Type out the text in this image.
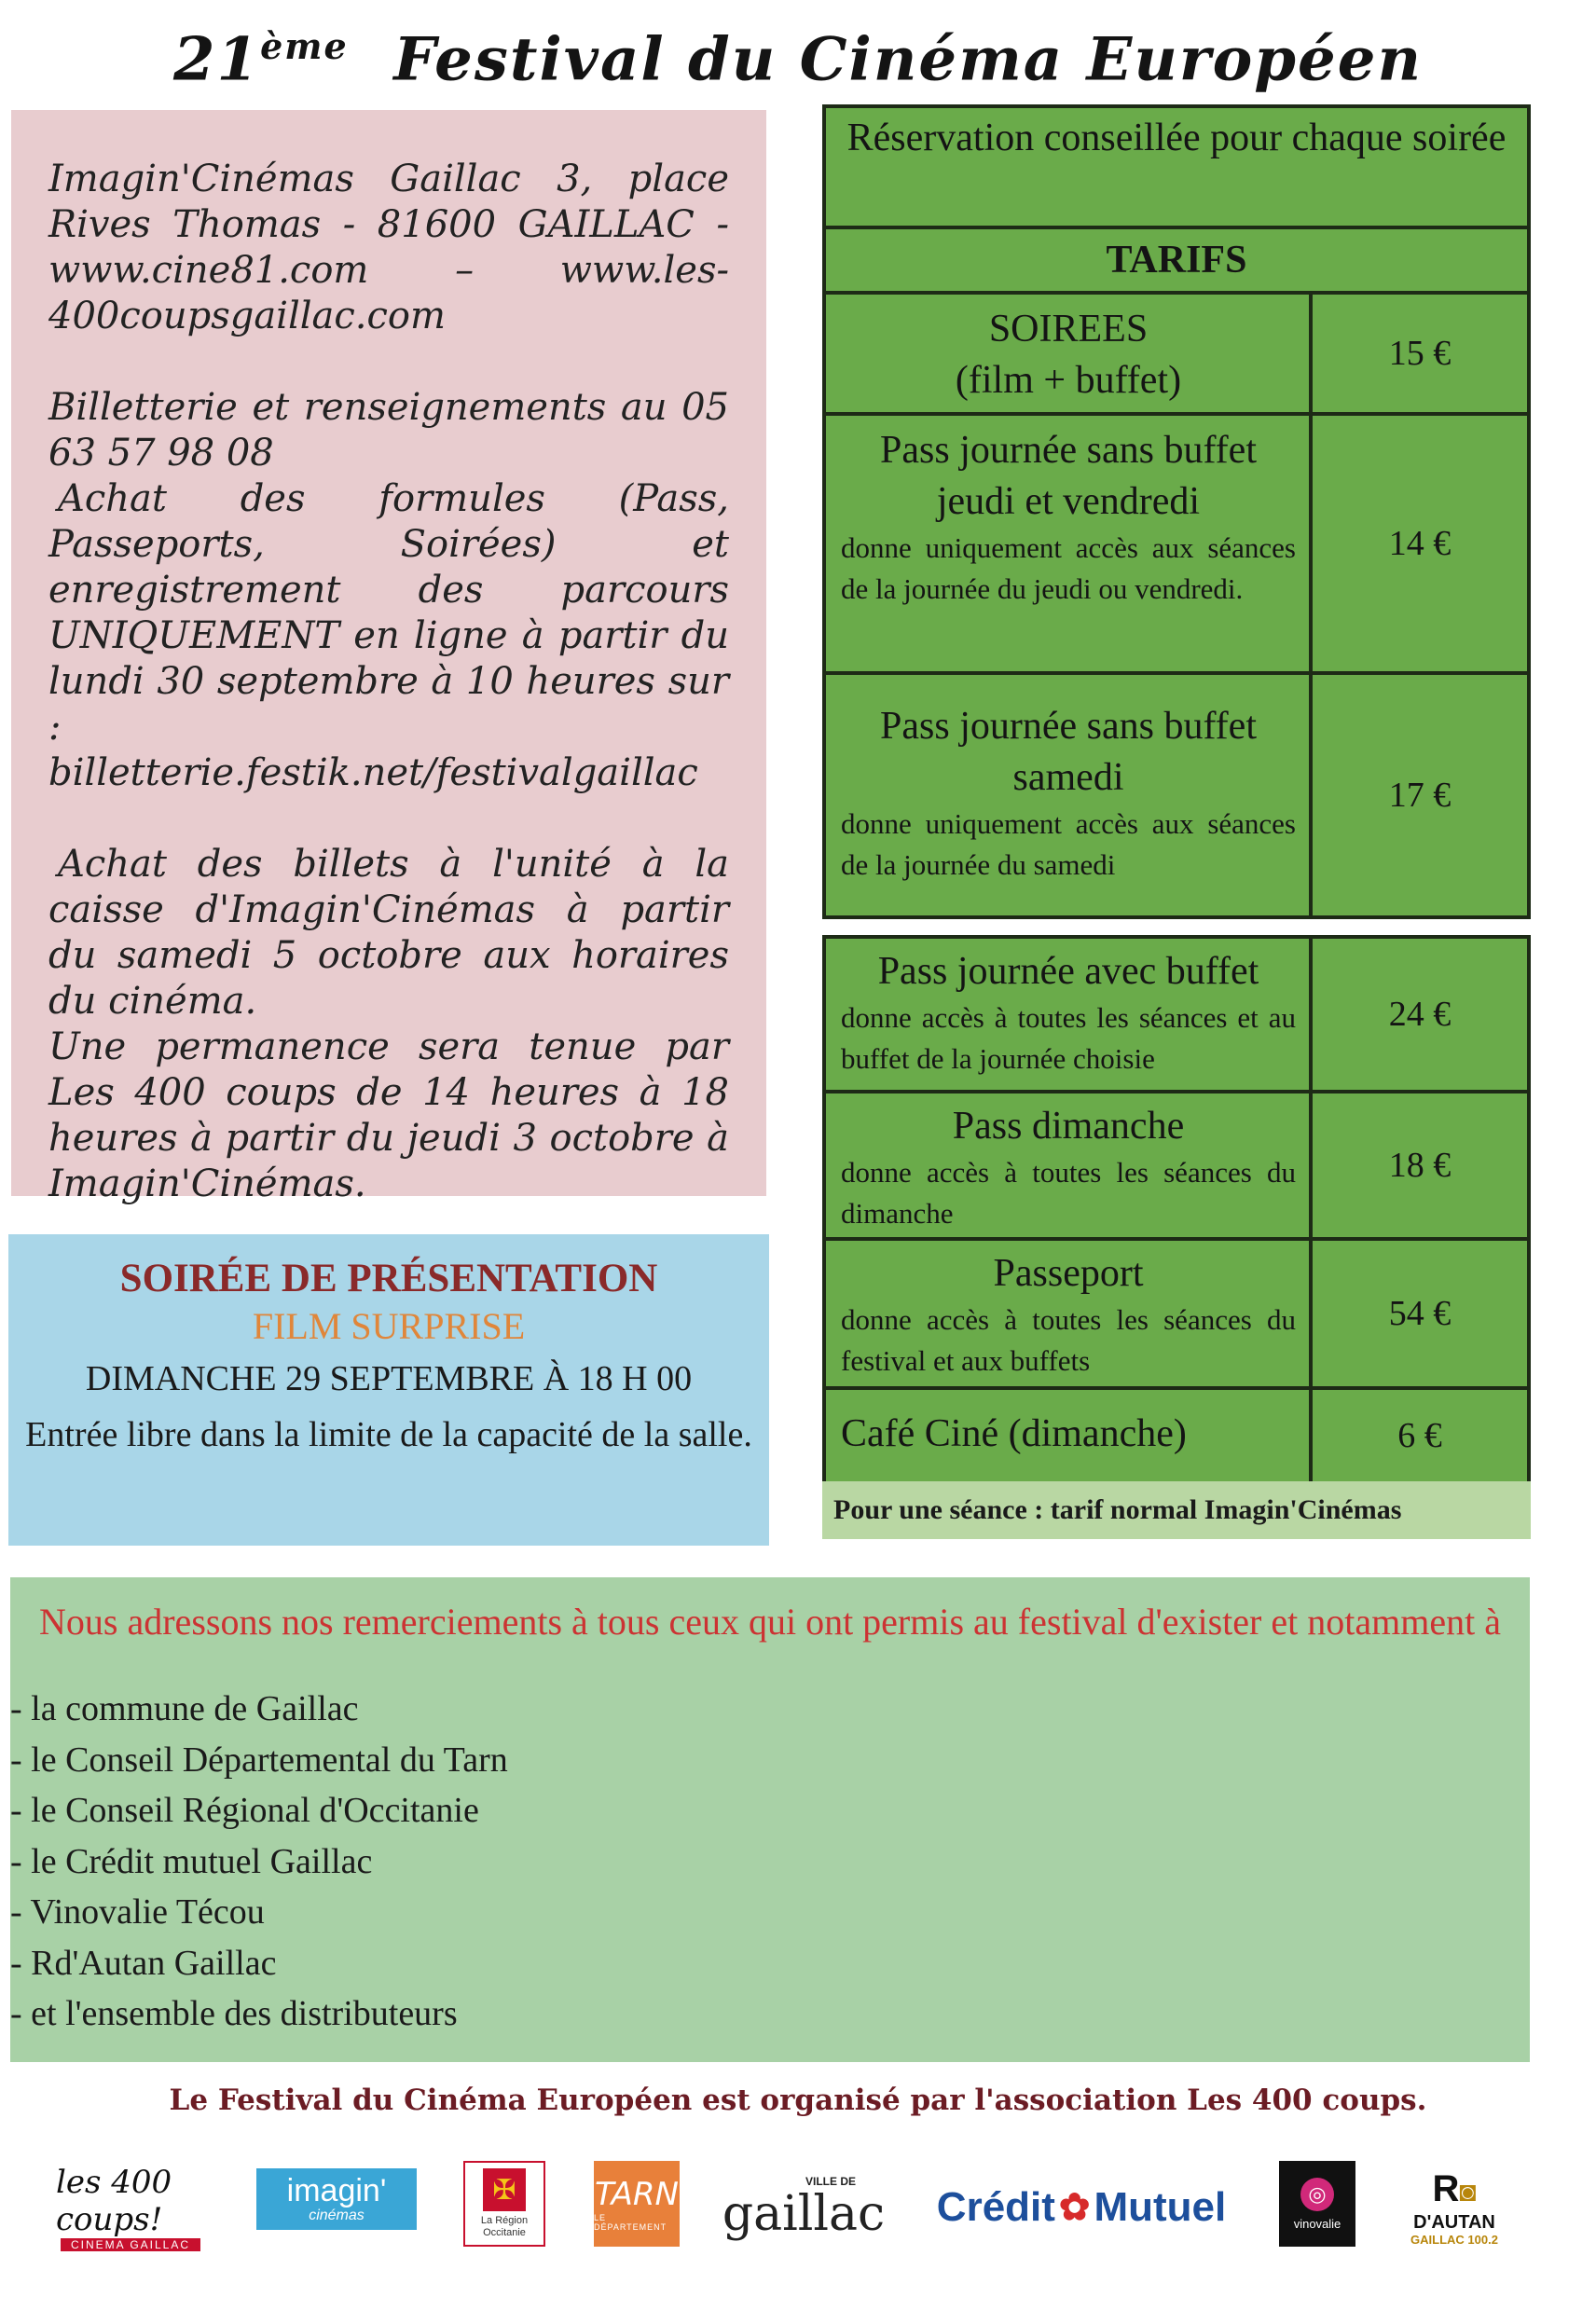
21ème Festival du Cinéma Européen

Imagin'Cinémas Gaillac 3, place Rives Thomas - 81600 GAILLAC - www.cine81.com – www.les-400coupsgaillac.com

Billetterie et renseignements au 05 63 57 98 08

Achat des formules (Pass, Passeports, Soirées) et enregistrement des parcours UNIQUEMENT en ligne à partir du lundi 30 septembre à 10 heures sur :

billetterie.festik.net/festivalgaillac

Achat des billets à l'unité à la caisse d'Imagin'Cinémas à partir du samedi 5 octobre aux horaires du cinéma.

Une permanence sera tenue par Les 400 coups de 14 heures à 18 heures à partir du jeudi 3 octobre à Imagin'Cinémas.

SOIRÉE DE PRÉSENTATION
FILM SURPRISE
DIMANCHE 29 SEPTEMBRE À 18 H 00
Entrée libre dans la limite de la capacité de la salle.
Réservation conseillée pour chaque soirée
TARIFS
SOIREES
(film + buffet)
15 €
Pass journée sans buffet
jeudi et vendredi
donne uniquement accès aux séances de la journée du jeudi ou vendredi.
14 €
Pass journée sans buffet
samedi
donne uniquement accès aux séances de la journée du samedi
17 €
Pass journée avec buffet
donne accès à toutes les séances et au buffet de la journée choisie
24 €
Pass dimanche
donne accès à toutes les séances du dimanche
18 €
Passeport
donne accès à toutes les séances du festival et aux buffets
54 €
Café Ciné (dimanche)	6 €
Pour une séance : tarif normal Imagin'Cinémas
Nous adressons nos remerciements à tous ceux qui ont permis au festival d'exister et notamment à
- la commune de Gaillac
- le Conseil Départemental du Tarn
- le Conseil Régional d'Occitanie
- le Crédit mutuel Gaillac
- Vinovalie Técou
- Rd'Autan Gaillac
- et l'ensemble des distributeurs
Le Festival du Cinéma Européen est organisé par l'association Les 400 coups.
les 400 coups!
CINEMA GAILLAC
imagin'
cinémas
✠
La Région Occitanie
TARN
LE DÉPARTEMENT
VILLE DE
gaillac Crédit ✿ Mutuel	◎
vinovalie
R◙
D'AUTAN
GAILLAC 100.2
